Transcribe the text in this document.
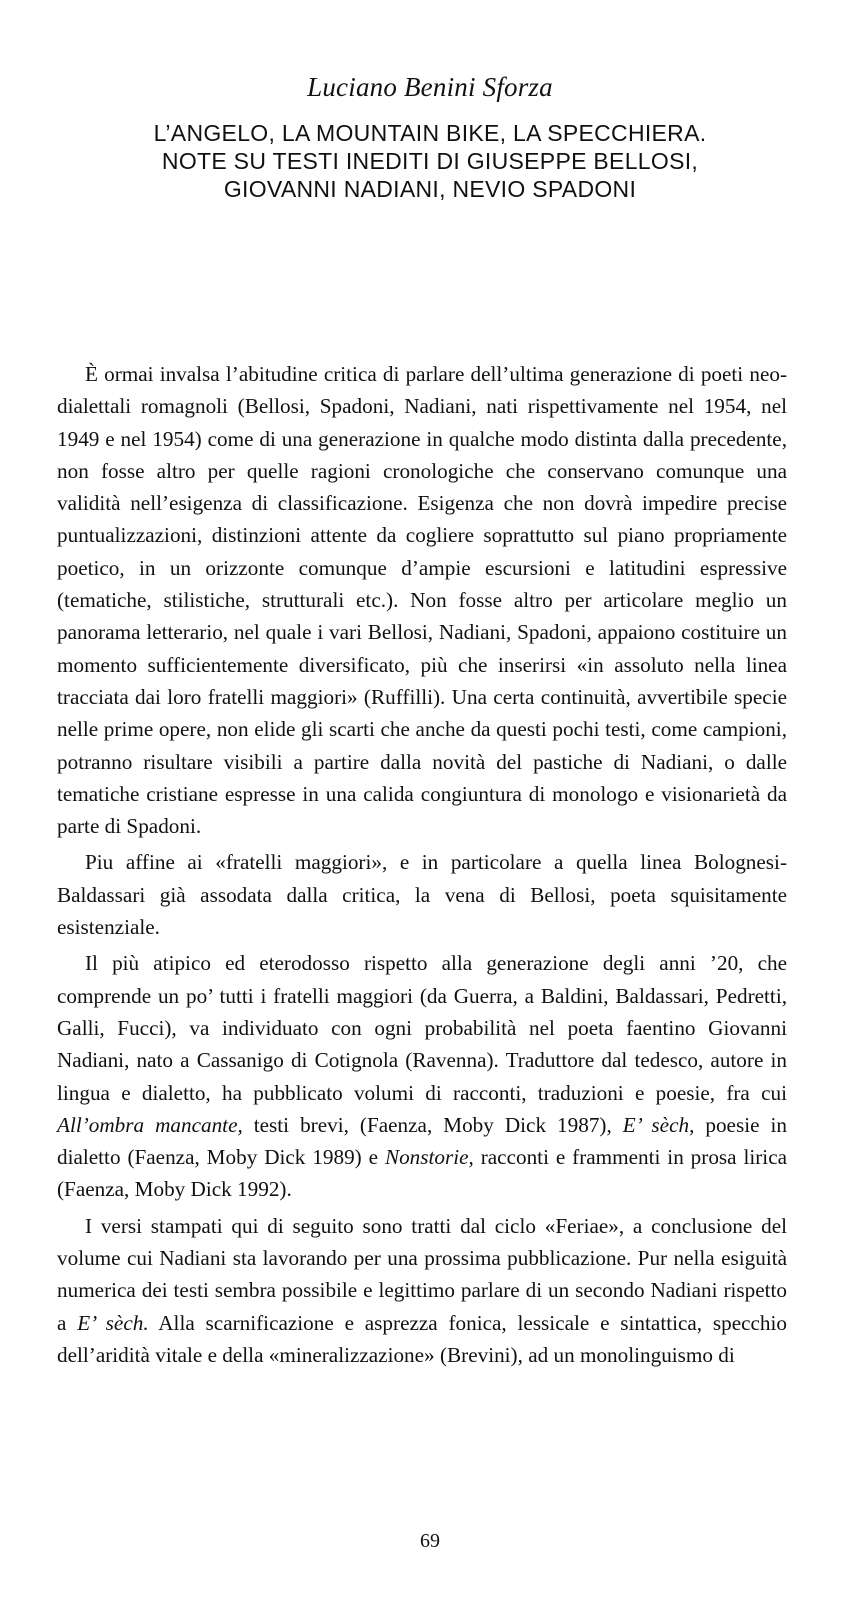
Luciano Benini Sforza
L’ANGELO, LA MOUNTAIN BIKE, LA SPECCHIERA.
NOTE SU TESTI INEDITI DI GIUSEPPE BELLOSI,
GIOVANNI NADIANI, NEVIO SPADONI

È ormai invalsa l’abitudine critica di parlare dell’ultima generazione di poeti neo-dialettali romagnoli (Bellosi, Spadoni, Nadiani, nati rispettivamente nel 1954, nel 1949 e nel 1954) come di una generazione in qualche modo distinta dalla precedente, non fosse altro per quelle ragioni cronologiche che conservano comunque una validità nell’esigenza di classificazione. Esigenza che non dovrà impedire precise puntualizzazioni, distinzioni attente da cogliere soprattutto sul piano propriamente poetico, in un orizzonte comunque d’ampie escursioni e latitudini espressive (tematiche, stilistiche, strutturali etc.). Non fosse altro per articolare meglio un panorama letterario, nel quale i vari Bellosi, Nadiani, Spadoni, appaiono costituire un momento sufficientemente diversificato, più che inserirsi «in assoluto nella linea tracciata dai loro fratelli maggiori» (Ruffilli). Una certa continuità, avvertibile specie nelle prime opere, non elide gli scarti che anche da questi pochi testi, come campioni, potranno risultare visibili a partire dalla novità del pastiche di Nadiani, o dalle tematiche cristiane espresse in una calida congiuntura di monologo e visionarietà da parte di Spadoni.

Piu affine ai «fratelli maggiori», e in particolare a quella linea Bolognesi-Baldassari già assodata dalla critica, la vena di Bellosi, poeta squisitamente esistenziale.

Il più atipico ed eterodosso rispetto alla generazione degli anni ’20, che comprende un po’ tutti i fratelli maggiori (da Guerra, a Baldini, Baldassari, Pedretti, Galli, Fucci), va individuato con ogni probabilità nel poeta faentino Giovanni Nadiani, nato a Cassanigo di Cotignola (Ravenna). Traduttore dal tedesco, autore in lingua e dialetto, ha pubblicato volumi di racconti, traduzioni e poesie, fra cui All’ombra mancante, testi brevi, (Faenza, Moby Dick 1987), E’ sèch, poesie in dialetto (Faenza, Moby Dick 1989) e Nonstorie, racconti e frammenti in prosa lirica (Faenza, Moby Dick 1992).

I versi stampati qui di seguito sono tratti dal ciclo «Feriae», a conclusione del volume cui Nadiani sta lavorando per una prossima pubblicazione. Pur nella esiguità numerica dei testi sembra possibile e legittimo parlare di un secondo Nadiani rispetto a E’ sèch. Alla scarnificazione e asprezza fonica, lessicale e sintattica, specchio dell’aridità vitale e della «mineralizzazione» (Brevini), ad un monolinguismo di

69
